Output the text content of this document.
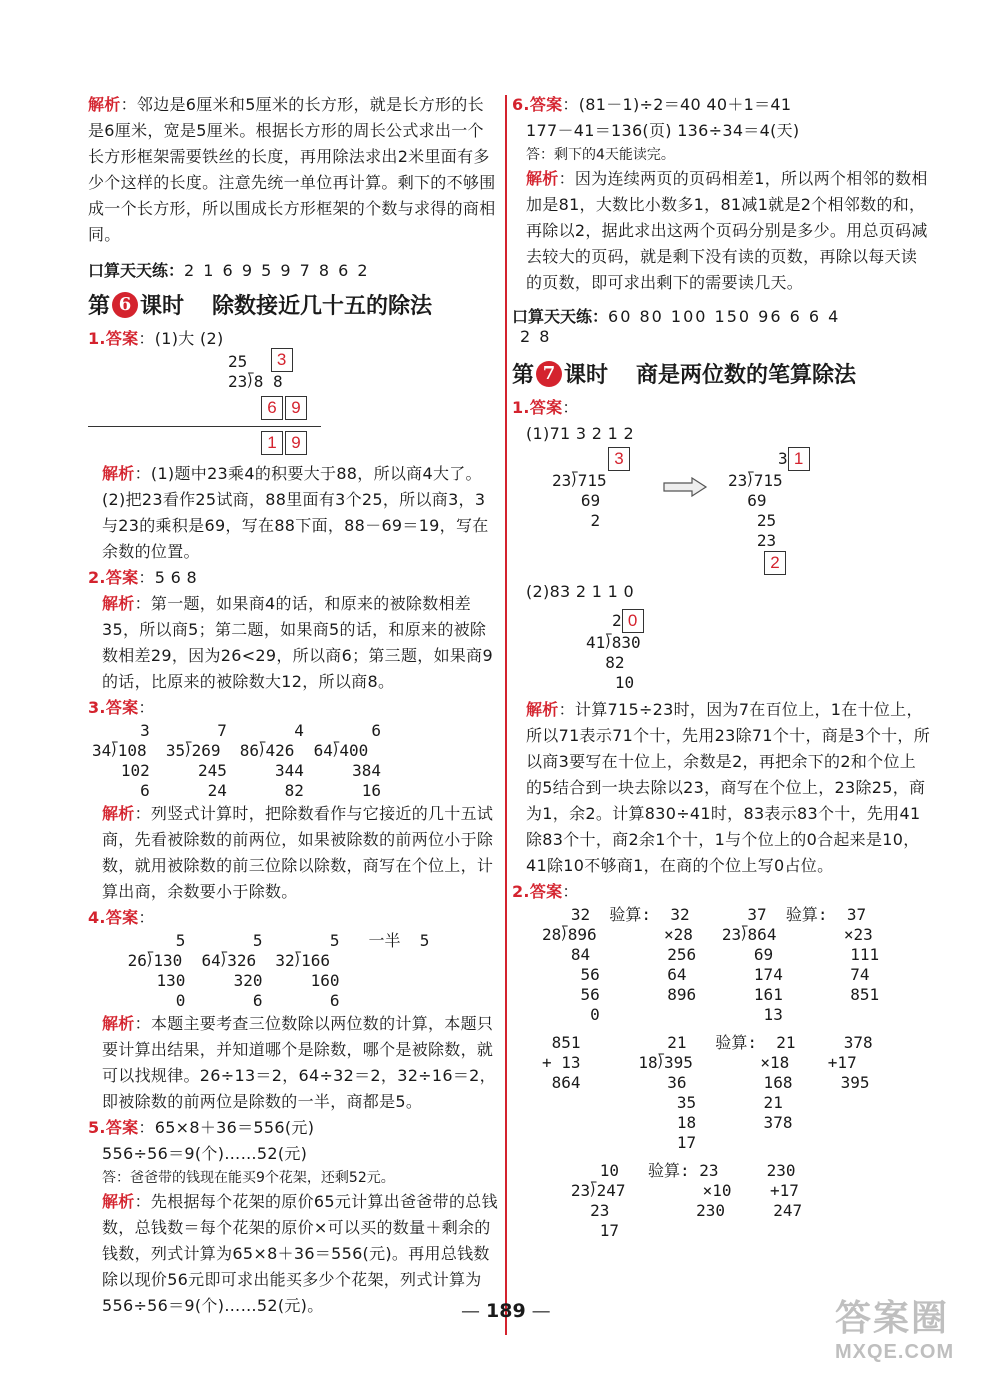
解析：邻边是6厘米和5厘米的长方形，就是长方形的长是6厘米，宽是5厘米。根据长方形的周长公式求出一个长方形框架需要铁丝的长度，再用除法求出2米里面有多少个这样的长度。注意先统一单位再计算。剩下的不够围成一个长方形，所以围成长方形框架的个数与求得的商相同。

口算天天练：2 1 6 9 5 9 7 8 6 2
第 6 课时 除数接近几十五的除法
1.答案：(1)大 (2)
25
23⟌8 8
3
6 9
1 9

解析：(1)题中23乘4的积要大于88，所以商4大了。(2)把23看作25试商，88里面有3个25，所以商3，3与23的乘积是69，写在88下面，88－69＝19，写在余数的位置。

2.答案：5 6 8

解析：第一题，如果商4的话，和原来的被除数相差35，所以商5；第二题，如果商5的话，和原来的被除数相差29，因为26<29，所以商6；第三题，如果商9的话，比原来的被除数大12，所以商8。

3.答案：
3       7       4       6
34⟌108  35⟌269  86⟌426  64⟌400
102     245     344     384
6      24      82      16

解析：列竖式计算时，把除数看作与它接近的几十五试商，先看被除数的前两位，如果被除数的前两位小于除数，就用被除数的前三位除以除数，商写在个位上，计算出商，余数要小于除数。

4.答案：
5       5       5   一半  5
26⟌130  64⟌326  32⟌166
130     320     160
0       6       6

解析：本题主要考查三位数除以两位数的计算，本题只要计算出结果，并知道哪个是除数，哪个是被除数，就可以找规律。26÷13＝2，64÷32＝2，32÷16＝2，即被除数的前两位是除数的一半，商都是5。

5.答案：65×8＋36＝556(元)
556÷56＝9(个)……52(元)
答：爸爸带的钱现在能买9个花架，还剩52元。

解析：先根据每个花架的原价65元计算出爸爸带的总钱数，总钱数＝每个花架的原价×可以买的数量＋剩余的钱数，列式计算为65×8＋36＝556(元)。再用总钱数除以现价56元即可求出能买多少个花架，列式计算为556÷56＝9(个)……52(元)。

6.答案：(81－1)÷2＝40 40＋1＝41
177－41＝136(页) 136÷34＝4(天)
答：剩下的4天能读完。

解析：因为连续两页的页码相差1，所以两个相邻的数相加是81，大数比小数多1，81减1就是2个相邻数的和，再除以2，据此求出这两个页码分别是多少。用总页码减去较大的页码，就是剩下没有读的页数，再除以每天读的页数，即可求出剩下的需要读几天。

口算天天练：60 80 100 150 96 6 6 4
2 8
第 7 课时 商是两位数的笔算除法
1.答案：
(1)71 3 2 1 2
3
23⟌715
69
2
3 1
23⟌715
69
25
23
2
(2)83 2 1 1 0
2 0
41⟌830
82
10

解析：计算715÷23时，因为7在百位上，1在十位上，所以71表示71个十，先用23除71个十，商是3个十，所以商3要写在十位上，余数是2，再把余下的2和个位上的5结合到一块去除以23，商写在个位上，23除25，商为1，余2。计算830÷41时，83表示83个十，先用41除83个十，商2余1个十，1与个位上的0合起来是10，41除10不够商1，在商的个位上写0占位。

2.答案：
32  验算:  32      37  验算:  37
28⟌896       ×28   23⟌864       ×23
84        256      69        111
56       64       174       74
56       896      161       851
0                 13
851         21   验算:  21     378
+ 13      18⟌395       ×18    +17
864         36        168     395
35       21
18       378
17
10   验算: 23     230
23⟌247        ×10    +17
23         230     247
17
— 189 —	答案圈
MXQE.COM
